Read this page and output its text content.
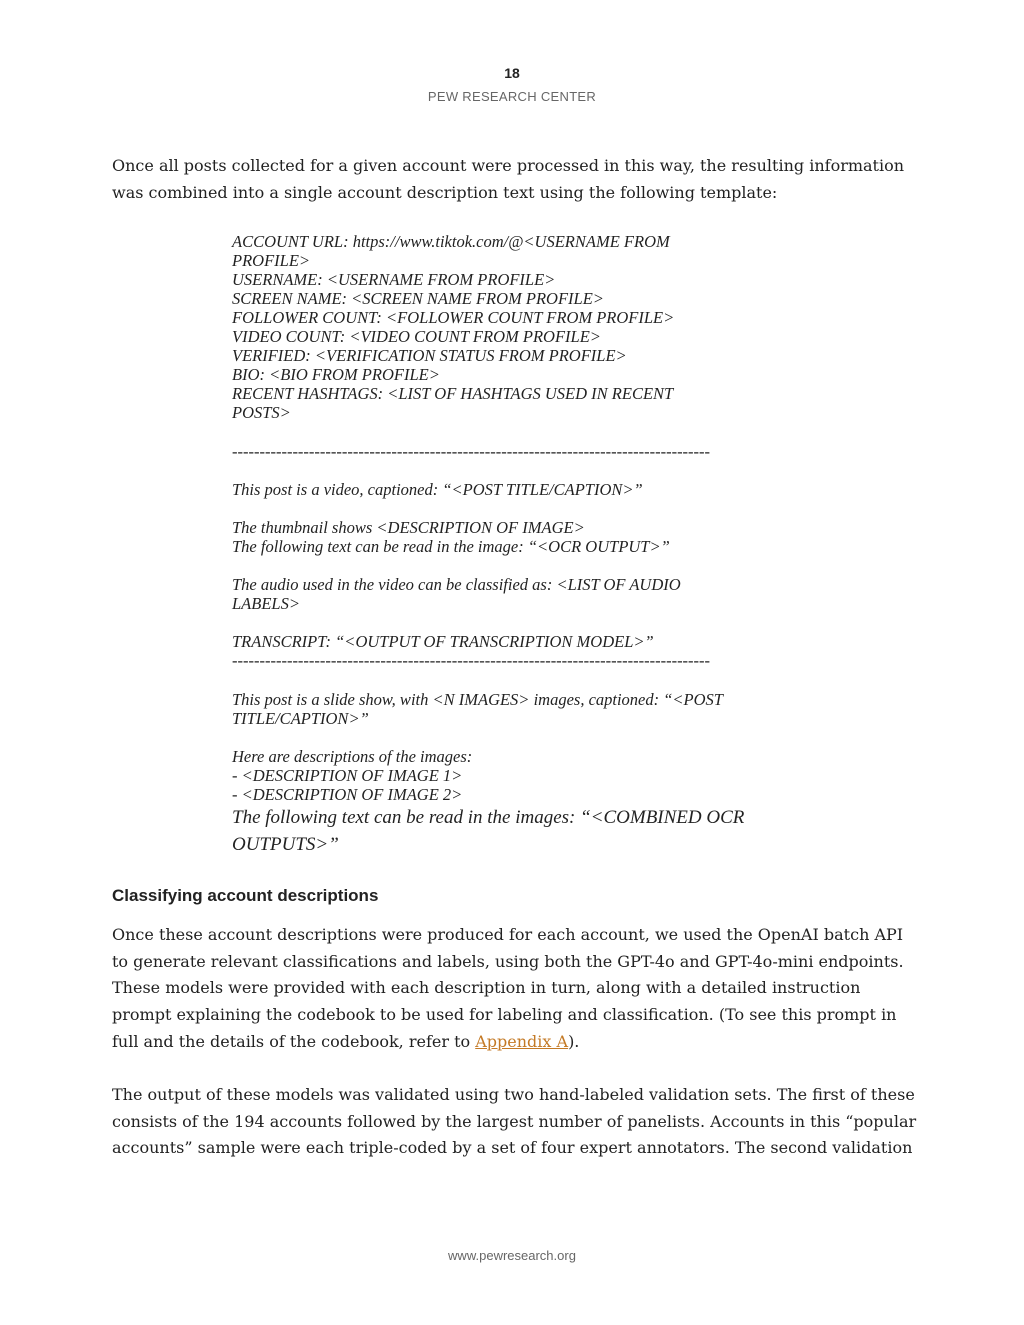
18
PEW RESEARCH CENTER

Once all posts collected for a given account were processed in this way, the resulting information
was combined into a single account description text using the following template:

ACCOUNT URL: https://www.tiktok.com/@<USERNAME FROM
PROFILE>
USERNAME: <USERNAME FROM PROFILE>
SCREEN NAME: <SCREEN NAME FROM PROFILE>
FOLLOWER COUNT: <FOLLOWER COUNT FROM PROFILE>
VIDEO COUNT: <VIDEO COUNT FROM PROFILE>
VERIFIED: <VERIFICATION STATUS FROM PROFILE>
BIO: <BIO FROM PROFILE>
RECENT HASHTAGS: <LIST OF HASHTAGS USED IN RECENT
POSTS>
---------------------------------------------------------------------------------------
This post is a video, captioned: “<POST TITLE/CAPTION>”
The thumbnail shows <DESCRIPTION OF IMAGE>
The following text can be read in the image: “<OCR OUTPUT>”
The audio used in the video can be classified as: <LIST OF AUDIO
LABELS>
TRANSCRIPT: “<OUTPUT OF TRANSCRIPTION MODEL>”
---------------------------------------------------------------------------------------
This post is a slide show, with <N IMAGES> images, captioned: “<POST
TITLE/CAPTION>”
Here are descriptions of the images:
- <DESCRIPTION OF IMAGE 1>
- <DESCRIPTION OF IMAGE 2>
The following text can be read in the images: “<COMBINED OCR
OUTPUTS>”
Classifying account descriptions

Once these account descriptions were produced for each account, we used the OpenAI batch API
to generate relevant classifications and labels, using both the GPT-4o and GPT-4o-mini endpoints.
These models were provided with each description in turn, along with a detailed instruction
prompt explaining the codebook to be used for labeling and classification. (To see this prompt in
full and the details of the codebook, refer to Appendix A).

The output of these models was validated using two hand-labeled validation sets. The first of these
consists of the 194 accounts followed by the largest number of panelists. Accounts in this “popular
accounts” sample were each triple-coded by a set of four expert annotators. The second validation

www.pewresearch.org
